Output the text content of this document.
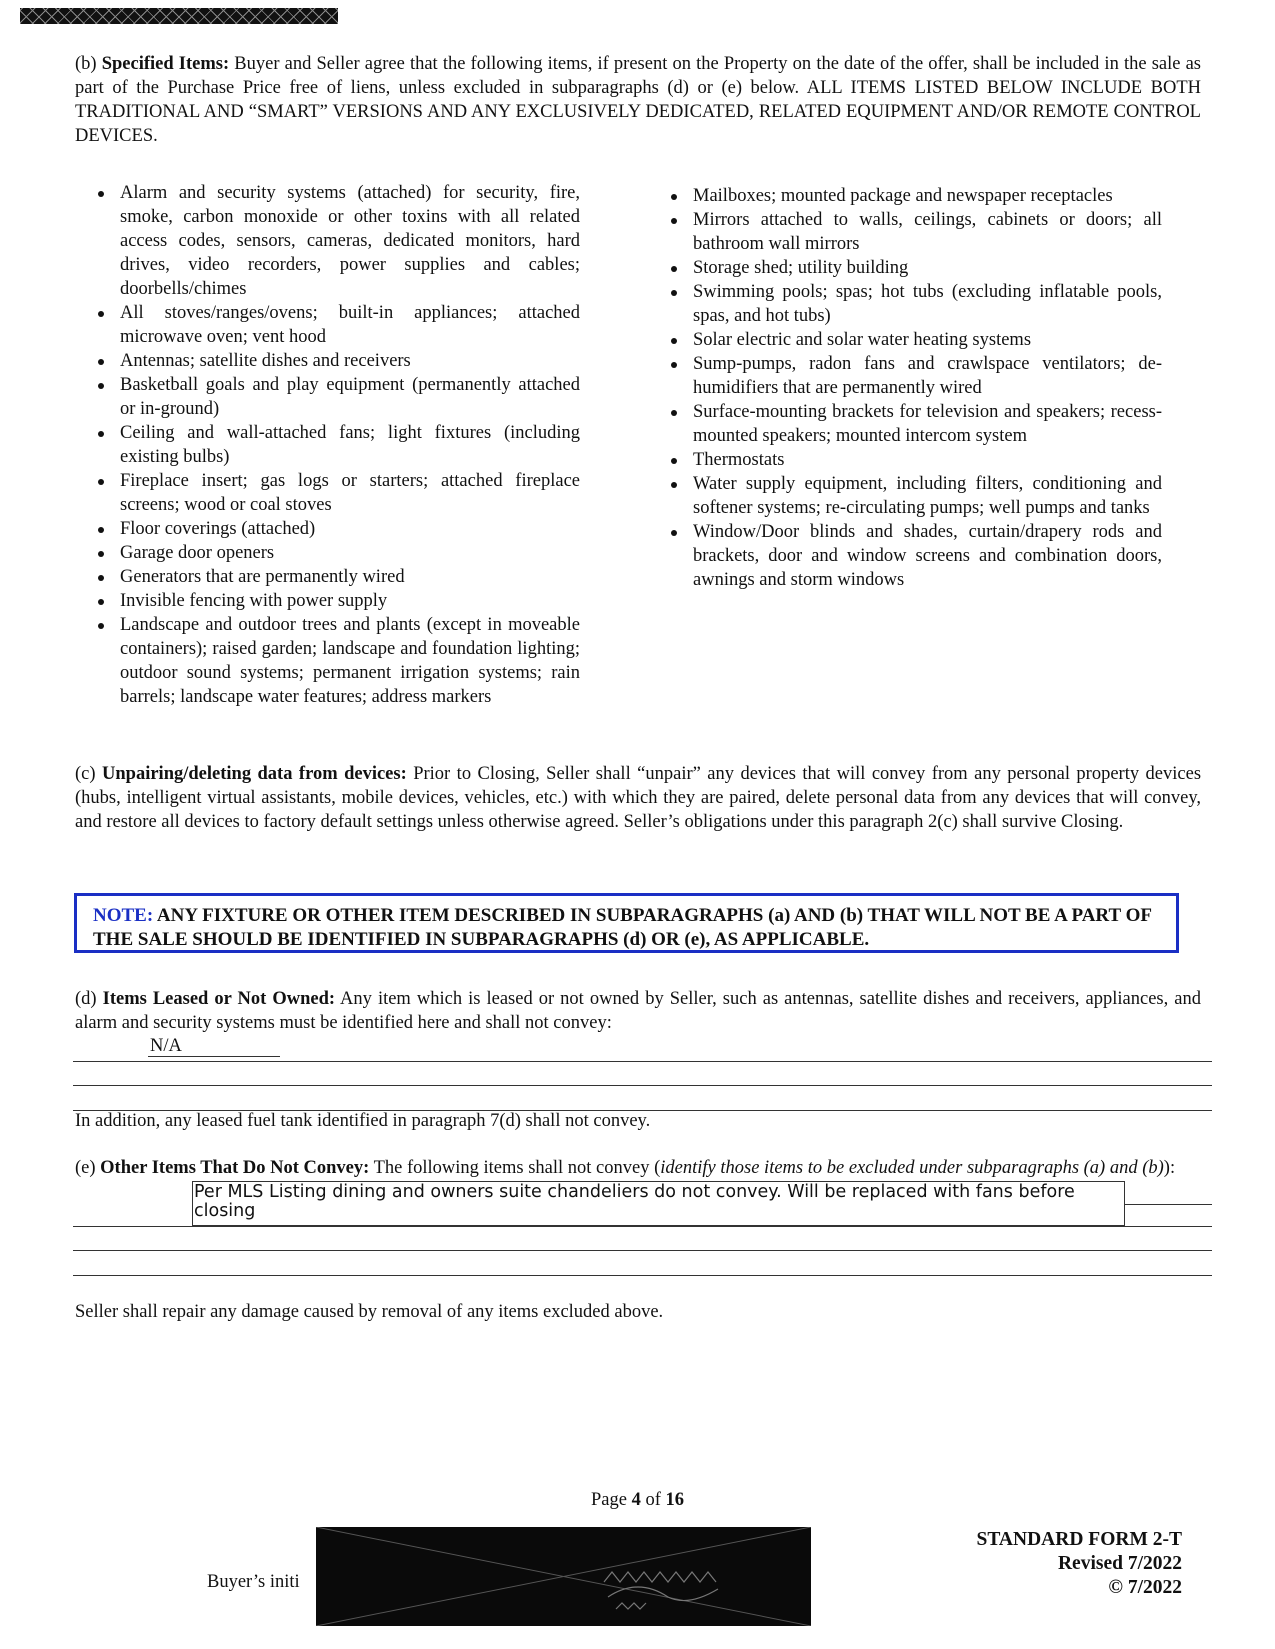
(b) Specified Items: Buyer and Seller agree that the following items, if present on the Property on the date of the offer, shall be included in the sale as part of the Purchase Price free of liens, unless excluded in subparagraphs (d) or (e) below. ALL ITEMS LISTED BELOW INCLUDE BOTH TRADITIONAL AND “SMART” VERSIONS AND ANY EXCLUSIVELY DEDICATED, RELATED EQUIPMENT AND/OR REMOTE CONTROL DEVICES.

Alarm and security systems (attached) for security, fire, smoke, carbon monoxide or other toxins with all related access codes, sensors, cameras, dedicated monitors, hard drives, video recorders, power supplies and cables; doorbells/chimes
All stoves/ranges/ovens; built-in appliances; attached microwave oven; vent hood
Antennas; satellite dishes and receivers
Basketball goals and play equipment (permanently attached or in-ground)
Ceiling and wall-attached fans; light fixtures (including existing bulbs)
Fireplace insert; gas logs or starters; attached fireplace screens; wood or coal stoves
Floor coverings (attached)
Garage door openers
Generators that are permanently wired
Invisible fencing with power supply
Landscape and outdoor trees and plants (except in moveable containers); raised garden; landscape and foundation lighting; outdoor sound systems; permanent irrigation systems; rain barrels; landscape water features; address markers
Mailboxes; mounted package and newspaper receptacles
Mirrors attached to walls, ceilings, cabinets or doors; all bathroom wall mirrors
Storage shed; utility building
Swimming pools; spas; hot tubs (excluding inflatable pools, spas, and hot tubs)
Solar electric and solar water heating systems
Sump-pumps, radon fans and crawlspace ventilators; de-humidifiers that are permanently wired
Surface-mounting brackets for television and speakers; recess-mounted speakers; mounted intercom system
Thermostats
Water supply equipment, including filters, conditioning and softener systems; re-circulating pumps; well pumps and tanks
Window/Door blinds and shades, curtain/drapery rods and brackets, door and window screens and combination doors, awnings and storm windows

(c) Unpairing/deleting data from devices: Prior to Closing, Seller shall “unpair” any devices that will convey from any personal property devices (hubs, intelligent virtual assistants, mobile devices, vehicles, etc.) with which they are paired, delete personal data from any devices that will convey, and restore all devices to factory default settings unless otherwise agreed. Seller’s obligations under this paragraph 2(c) shall survive Closing.

NOTE: ANY FIXTURE OR OTHER ITEM DESCRIBED IN SUBPARAGRAPHS (a) AND (b) THAT WILL NOT BE A PART OF THE SALE SHOULD BE IDENTIFIED IN SUBPARAGRAPHS (d) OR (e), AS APPLICABLE.

(d) Items Leased or Not Owned: Any item which is leased or not owned by Seller, such as antennas, satellite dishes and receivers, appliances, and alarm and security systems must be identified here and shall not convey:

N/A

In addition, any leased fuel tank identified in paragraph 7(d) shall not convey.

(e) Other Items That Do Not Convey: The following items shall not convey (identify those items to be excluded under subparagraphs (a) and (b)):

Per MLS Listing dining and owners suite chandeliers do not convey. Will be replaced with fans before closing

Seller shall repair any damage caused by removal of any items excluded above.

Page 4 of 16
Buyer’s initi
STANDARD FORM 2-T
Revised 7/2022
© 7/2022
